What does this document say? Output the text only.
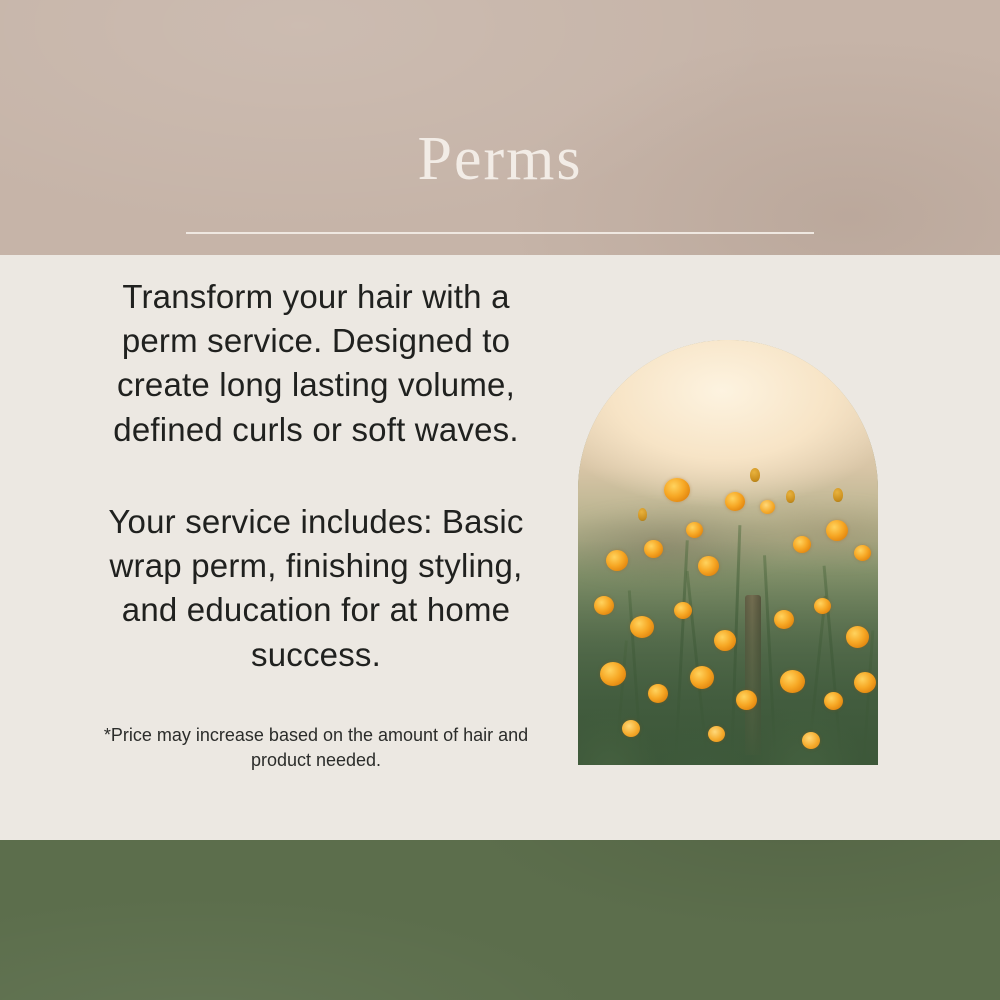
Perms

Transform your hair with a perm service. Designed to create long lasting volume, defined curls or soft waves.

Your service includes: Basic wrap perm, finishing styling, and education for at home success.

*Price may increase based on the amount of hair and product needed.
